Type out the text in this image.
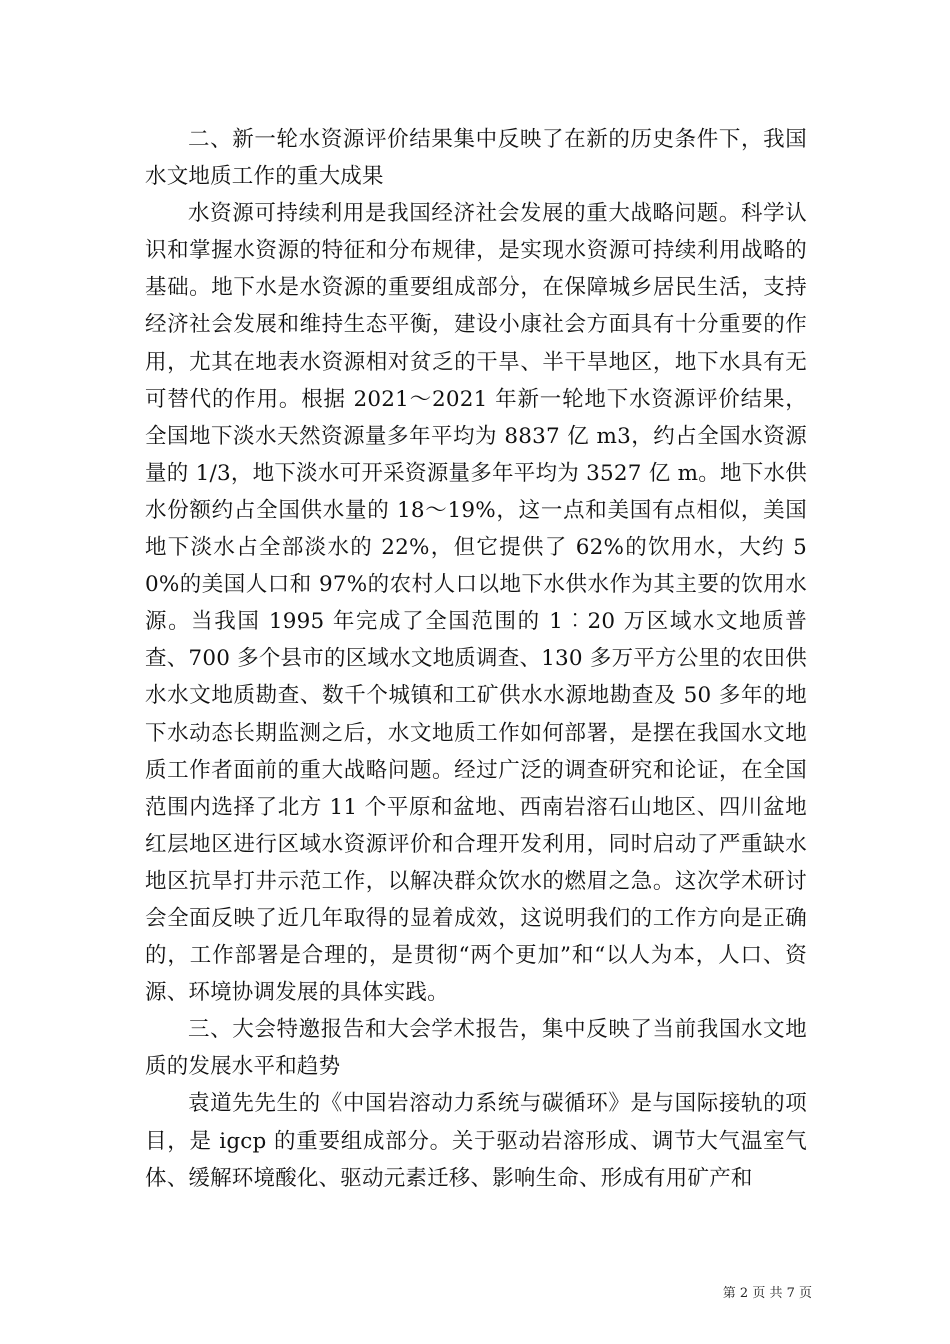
二、新一轮水资源评价结果集中反映了在新的历史条件下，我国水文地质工作的重大成果

水资源可持续利用是我国经济社会发展的重大战略问题。科学认识和掌握水资源的特征和分布规律，是实现水资源可持续利用战略的基础。地下水是水资源的重要组成部分，在保障城乡居民生活，支持经济社会发展和维持生态平衡，建设小康社会方面具有十分重要的作用，尤其在地表水资源相对贫乏的干旱、半干旱地区，地下水具有无可替代的作用。根据 2021～2021 年新一轮地下水资源评价结果，全国地下淡水天然资源量多年平均为 8837 亿 m3，约占全国水资源量的 1/3，地下淡水可开采资源量多年平均为 3527 亿 m。地下水供水份额约占全国供水量的 18～19%，这一点和美国有点相似，美国地下淡水占全部淡水的 22%，但它提供了 62%的饮用水，大约 50%的美国人口和 97%的农村人口以地下水供水作为其主要的饮用水源。当我国 1995 年完成了全国范围的 1︰20 万区域水文地质普查、700 多个县市的区域水文地质调查、130 多万平方公里的农田供水水文地质勘查、数千个城镇和工矿供水水源地勘查及 50 多年的地下水动态长期监测之后，水文地质工作如何部署，是摆在我国水文地质工作者面前的重大战略问题。经过广泛的调查研究和论证，在全国范围内选择了北方 11 个平原和盆地、西南岩溶石山地区、四川盆地红层地区进行区域水资源评价和合理开发利用，同时启动了严重缺水地区抗旱打井示范工作，以解决群众饮水的燃眉之急。这次学术研讨会全面反映了近几年取得的显着成效，这说明我们的工作方向是正确的，工作部署是合理的，是贯彻“两个更加”和“以人为本，人口、资源、环境协调发展的具体实践。

三、大会特邀报告和大会学术报告，集中反映了当前我国水文地质的发展水平和趋势

袁道先先生的《中国岩溶动力系统与碳循环》是与国际接轨的项目，是 igcp 的重要组成部分。关于驱动岩溶形成、调节大气温室气体、缓解环境酸化、驱动元素迁移、影响生命、形成有用矿产和

第 2 页 共 7 页
